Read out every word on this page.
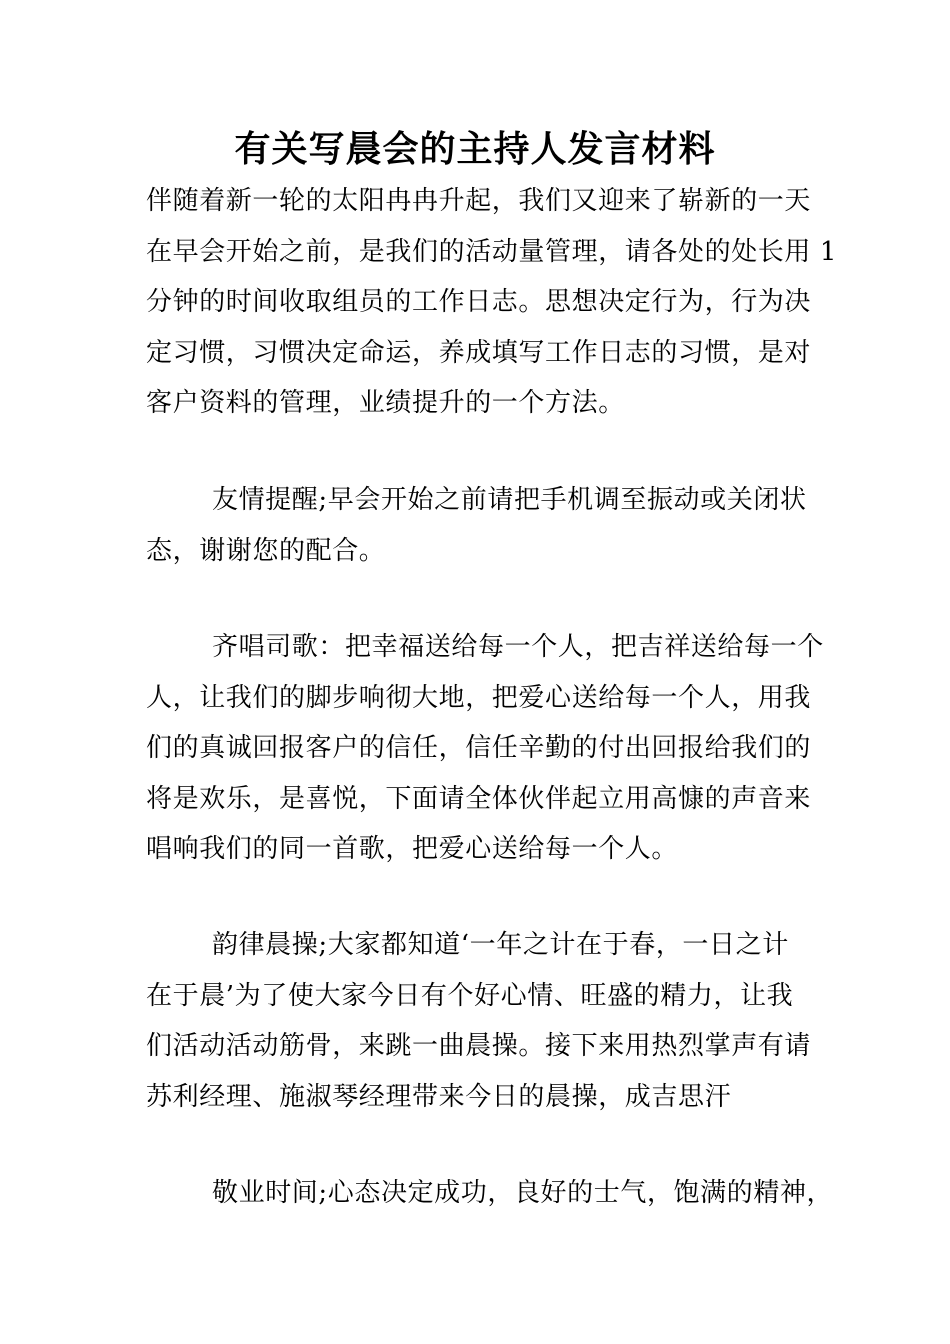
有关写晨会的主持人发言材料
伴随着新一轮的太阳冉冉升起，我们又迎来了崭新的一天
在早会开始之前，是我们的活动量管理，请各处的处长用 1
分钟的时间收取组员的工作日志。思想决定行为，行为决
定习惯，习惯决定命运，养成填写工作日志的习惯，是对
客户资料的管理，业绩提升的一个方法。
友情提醒;早会开始之前请把手机调至振动或关闭状
态，谢谢您的配合。
齐唱司歌：把幸福送给每一个人，把吉祥送给每一个
人，让我们的脚步响彻大地，把爱心送给每一个人，用我
们的真诚回报客户的信任，信任辛勤的付出回报给我们的
将是欢乐，是喜悦，下面请全体伙伴起立用高慷的声音来
唱响我们的同一首歌，把爱心送给每一个人。
韵律晨操;大家都知道‘一年之计在于春，一日之计
在于晨’为了使大家今日有个好心情、旺盛的精力，让我
们活动活动筋骨，来跳一曲晨操。接下来用热烈掌声有请
苏利经理、施淑琴经理带来今日的晨操，成吉思汗
敬业时间;心态决定成功，良好的士气，饱满的精神，
